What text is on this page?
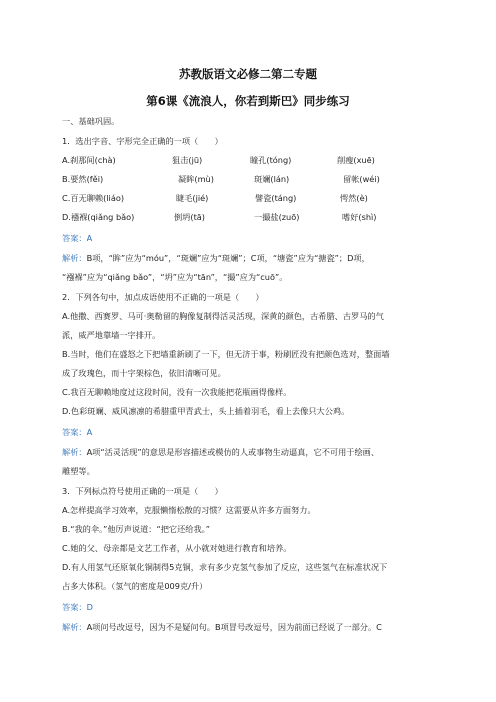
苏教版语文必修二第二专题
第6课《流浪人，你若到斯巴》同步练习
一、基础巩固。
1．选出字音、字形完全正确的一项（　　）
A.刹那间(chà)	狙击(jū)	瞳孔(tóng)	削瘦(xuē)
B.要然(fěi)	凝眸(mù)	斑斓(lán)	留帐(wéi)
C.百无聊赖(liáo)	睫毛(jié)	譬瓷(táng)	愕然(è)
D.襁褓(qiǎng bǎo)	倒坍(tā)	一撮盐(zuō)	嗜好(shì)
答案：A
解析：B项，“眸”应为“móu”，“斑斓”应为“斑斓”；C项，“塘瓷”应为“搪瓷”；D项，
“襁褓”应为“qiǎng bǎo”，“坍”应为“tān”，“撮”应为“cuō”。
2．下列各句中，加点成语使用不正确的一项是（　　）
A.他撒、西赛罗、马可·奥勒留的胸像复制得活灵活现，深黄的颜色，古希腊、古罗马的气
派，威严地靠墙一字排开。
B.当时，他们在盛怒之下把墙重新刷了一下，但无济于事，粉刷匠没有把颜色选对，整面墙
成了玫瑰色，而十字架棕色，依旧清晰可见。
C.我百无聊赖地度过这段时间，没有一次我能把花瓶画得像样。
D.色彩斑斓、威风凛凛的希腊重甲青武士，头上插着羽毛，看上去像只大公鸡。
答案：A
解析：A项“活灵活现”的意思是形容描述或模仿的人或事物生动逼真，它不可用于绘画、
雕塑等。
3．下列标点符号使用正确的一项是（　　）
A.怎样提高学习效率，克服懒惰松散的习惯？这需要从许多方面努力。
B.“我的伞。”他厉声说道：“把它还给我。”
C.她的父、母亲都是文艺工作者，从小就对她进行教育和培养。
D.有人用氢气还原氧化铜制得5克铜，求有多少克氢气参加了反应，这些氢气在标准状况下
占多大体积。（氢气的密度是009克/升）
答案：D
解析：A项问号改逗号，因为不是疑问句。B项冒号改逗号，因为前面已经说了一部分。C
